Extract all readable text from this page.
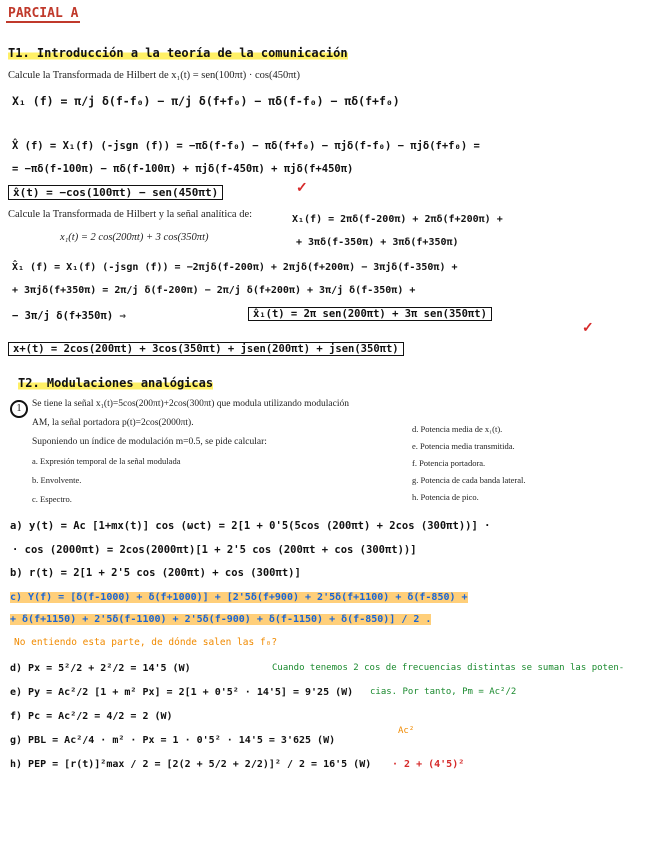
PARCIAL A
T1. Introducción a la teoría de la comunicación
Calcule la Transformada de Hilbert de x₁(t) = sen(100πt) · cos(450πt)
X₁ (f) = π/j δ(f-f₀) − π/j δ(f+f₀) − πδ(f-f₀) − πδ(f+f₀)
X̂ (f) = X₁(f) (-jsgn (f)) = −πδ(f-f₀) − πδ(f+f₀) − πjδ(f-f₀) − πjδ(f+f₀) =
= −πδ(f-100π) − πδ(f-100π) + πjδ(f-450π) + πjδ(f+450π)
x̂(t) = −cos(100πt) − sen(450πt)	✓
Calcule la Transformada de Hilbert y la señal analítica de:
x₁(t) = 2 cos(200πt) + 3 cos(350πt)
X₁(f) = 2πδ(f-200π) + 2πδ(f+200π) +
+ 3πδ(f-350π) + 3πδ(f+350π)
X̂₁ (f) = X₁(f) (-jsgn (f)) = −2πjδ(f-200π) + 2πjδ(f+200π) − 3πjδ(f-350π) +
+ 3πjδ(f+350π) = 2π/j δ(f-200π) − 2π/j δ(f+200π) + 3π/j δ(f-350π) +
− 3π/j δ(f+350π) ⇒	x̂₁(t) = 2π sen(200πt) + 3π sen(350πt)
✓
x+(t) = 2cos(200πt) + 3cos(350πt) + jsen(200πt) + jsen(350πt)
T2. Modulaciones analógicas
1	Se tiene la señal x₁(t)=5cos(200πt)+2cos(300πt) que modula utilizando modulación
AM, la señal portadora p(t)=2cos(2000πt).
Suponiendo un índice de modulación m=0.5, se pide calcular:
a. Expresión temporal de la señal modulada
b. Envolvente.
c. Espectro.
d. Potencia media de x₁(t).
e. Potencia media transmitida.
f. Potencia portadora.
g. Potencia de cada banda lateral.
h. Potencia de pico.
a) y(t) = Ac [1+mx(t)] cos (ωct) = 2[1 + 0'5(5cos (200πt) + 2cos (300πt))] ·
· cos (2000πt) = 2cos(2000πt)[1 + 2'5 cos (200πt + cos (300πt))]
b) r(t) = 2[1 + 2'5 cos (200πt) + cos (300πt)]
c) Y(f) = [δ(f-1000) + δ(f+1000)] + [2'5δ(f+900) + 2'5δ(f+1100) + δ(f-850) +
+ δ(f+1150) + 2'5δ(f-1100) + 2'5δ(f-900) + δ(f-1150) + δ(f-850)] / 2 .
No entiendo esta parte, de dónde salen las f₀?
d) Px = 5²/2 + 2²/2 = 14'5 (W)	Cuando tenemos 2 cos de frecuencias distintas se suman las poten-
cias. Por tanto, Pm = Ac²/2
e) Py = Ac²/2 [1 + m² Px] = 2[1 + 0'5² · 14'5] = 9'25 (W)
f) Pc = Ac²/2 = 4/2 = 2 (W)
g) PBL = Ac²/4 · m² · Px = 1 · 0'5² · 14'5 = 3'625 (W)
Ac²
h) PEP = [r(t)]²max / 2 = [2(2 + 5/2 + 2/2)]² / 2 = 16'5 (W) · 2 + (4'5)²
